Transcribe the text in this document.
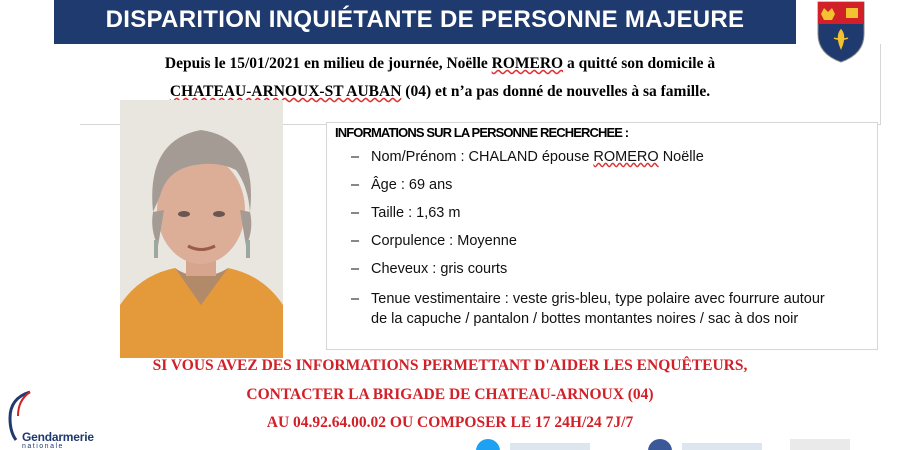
DISPARITION INQUIÉTANTE DE PERSONNE MAJEURE
Depuis le 15/01/2021 en milieu de journée, Noëlle ROMERO a quitté son domicile à
CHATEAU-ARNOUX-ST AUBAN (04) et n’a pas donné de nouvelles à sa famille.
INFORMATIONS SUR LA PERSONNE RECHERCHEE :
– Nom/Prénom : CHALAND épouse ROMERO Noëlle
– Âge : 69 ans
– Taille : 1,63 m
– Corpulence : Moyenne
– Cheveux : gris courts
– Tenue vestimentaire : veste gris-bleu, type polaire avec fourrure autour
de la capuche / pantalon / bottes montantes noires / sac à dos noir
SI VOUS AVEZ DES INFORMATIONS PERMETTANT D'AIDER LES ENQUÊTEURS,
CONTACTER LA BRIGADE DE CHATEAU-ARNOUX (04)
AU 04.92.64.00.02 OU COMPOSER LE 17 24H/24 7J/7
Gendarmerie
nationale
